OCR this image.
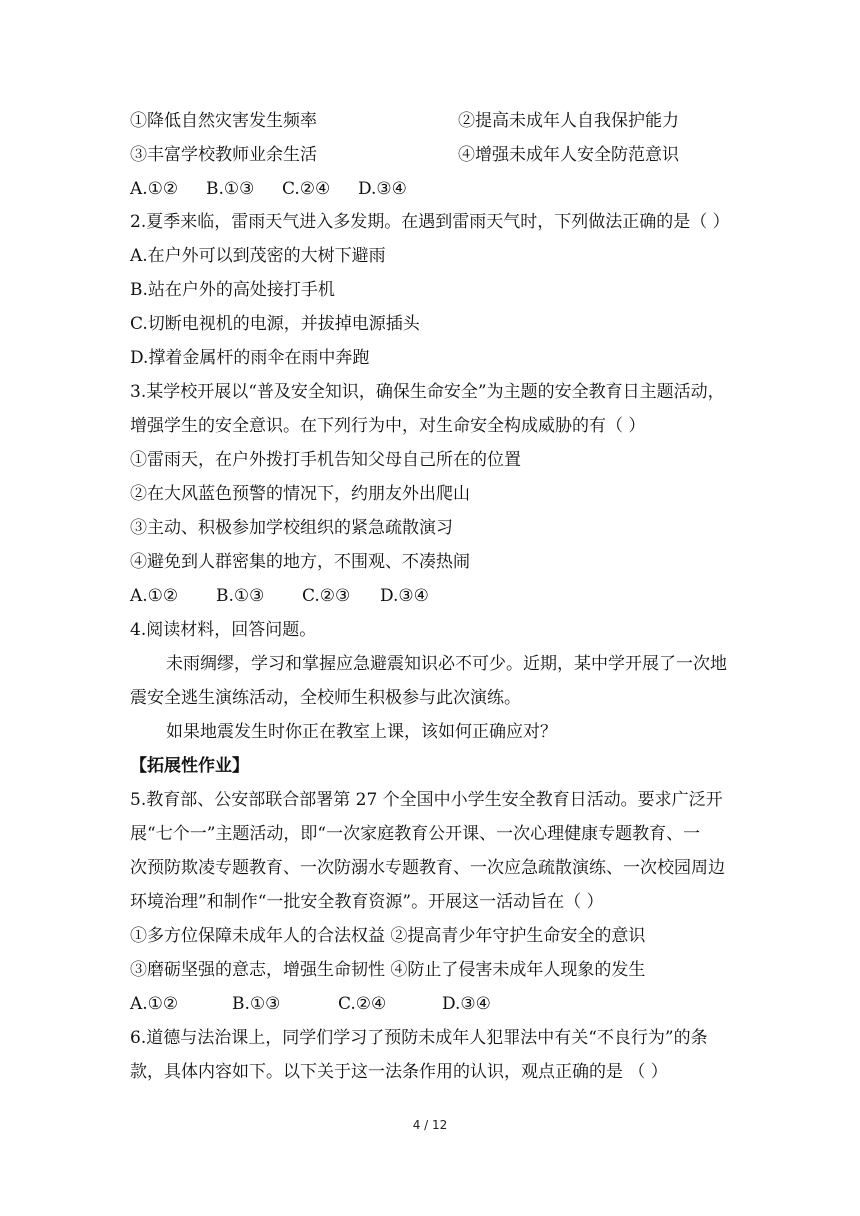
①降低自然灾害发生频率	②提高未成年人自我保护能力
③丰富学校教师业余生活	④增强未成年人安全防范意识
A.①② B.①③ C.②④ D.③④
2.夏季来临，雷雨天气进入多发期。在遇到雷雨天气时，下列做法正确的是（ ）
A.在户外可以到茂密的大树下避雨
B.站在户外的高处接打手机
C.切断电视机的电源，并拔掉电源插头
D.撑着金属杆的雨伞在雨中奔跑
3.某学校开展以“普及安全知识，确保生命安全”为主题的安全教育日主题活动，
增强学生的安全意识。在下列行为中，对生命安全构成威胁的有（ ）
①雷雨天，在户外拨打手机告知父母自己所在的位置
②在大风蓝色预警的情况下，约朋友外出爬山
③主动、积极参加学校组织的紧急疏散演习
④避免到人群密集的地方，不围观、不凑热闹
A.①② B.①③ C.②③ D.③④
4.阅读材料，回答问题。
未雨绸缪，学习和掌握应急避震知识必不可少。近期，某中学开展了一次地
震安全逃生演练活动，全校师生积极参与此次演练。
如果地震发生时你正在教室上课，该如何正确应对？
【拓展性作业】
5.教育部、公安部联合部署第 27 个全国中小学生安全教育日活动。要求广泛开
展“七个一”主题活动，即“一次家庭教育公开课、一次心理健康专题教育、一
次预防欺凌专题教育、一次防溺水专题教育、一次应急疏散演练、一次校园周边
环境治理”和制作“一批安全教育资源”。开展这一活动旨在（ ）
①多方位保障未成年人的合法权益 ②提高青少年守护生命安全的意识
③磨砺坚强的意志，增强生命韧性 ④防止了侵害未成年人现象的发生
A.①②	B.①③	C.②④	D.③④
6.道德与法治课上，同学们学习了预防未成年人犯罪法中有关“不良行为”的条
款，具体内容如下。以下关于这一法条作用的认识，观点正确的是 （ ）
4 / 12
